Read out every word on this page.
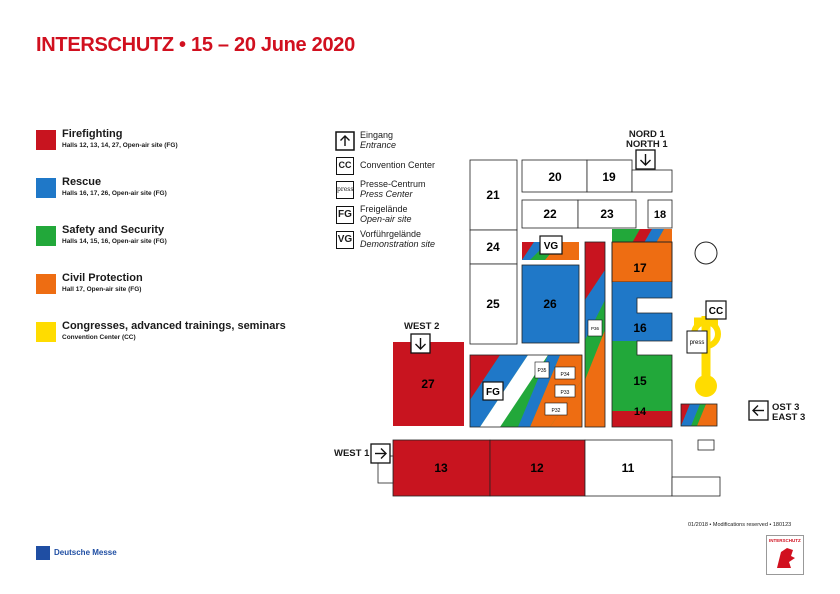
INTERSCHUTZ • 15 – 20 June 2020
Firefighting
Halls 12, 13, 14, 27, Open-air site (FG)
Rescue
Halls 16, 17, 26, Open-air site (FG)
Safety and Security
Halls 14, 15, 16, Open-air site (FG)
Civil Protection
Hall 17, Open-air site (FG)
Congresses, advanced trainings, seminars
Convention Center (CC)
Eingang
Entrance
CC Convention Center
press
Presse-Centrum
Press Center
FG Freigelände
Open-air site
VG Vorführgelände
Demonstration site
NORD 1
NORTH 1
WEST 2
WEST 1
OST 3
EAST 3
27
13	12	11
21
24
25
20	19
22	23	18
VG
26
FG
P35
P34
P33
P32
P36
17
16
15
14
CC
press
01/2018 • Modifications reserved • 180123
Deutsche Messe
INTERSCHUTZ
